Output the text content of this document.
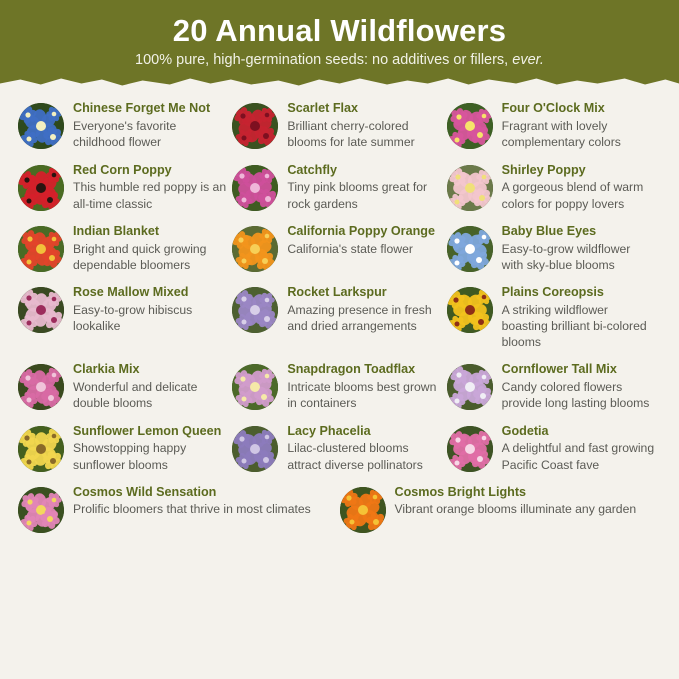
20 Annual Wildflowers

100% pure, high-germination seeds: no additives or fillers, ever.

Chinese Forget Me Not

Everyone's favorite childhood flower

Scarlet Flax

Brilliant cherry-colored blooms for late summer

Four O'Clock Mix

Fragrant with lovely complementary colors

Red Corn Poppy

This humble red poppy is an all-time classic

Catchfly

Tiny pink blooms great for rock gardens

Shirley Poppy

A gorgeous blend of warm colors for poppy lovers

Indian Blanket

Bright and quick growing dependable bloomers

California Poppy Orange

California's state flower

Baby Blue Eyes

Easy-to-grow wildflower with sky-blue blooms

Rose Mallow Mixed

Easy-to-grow hibiscus lookalike

Rocket Larkspur

Amazing presence in fresh and dried arrangements

Plains Coreopsis

A striking wildflower boasting brilliant bi-colored blooms

Clarkia Mix

Wonderful and delicate double blooms

Snapdragon Toadflax

Intricate blooms best grown in containers

Cornflower Tall Mix

Candy colored flowers provide long lasting blooms

Sunflower Lemon Queen

Showstopping happy sunflower blooms

Lacy Phacelia

Lilac-clustered blooms attract diverse pollinators

Godetia

A delightful and fast growing Pacific Coast fave

Cosmos Wild Sensation

Prolific bloomers that thrive in most climates

Cosmos Bright Lights

Vibrant orange blooms illuminate any garden
